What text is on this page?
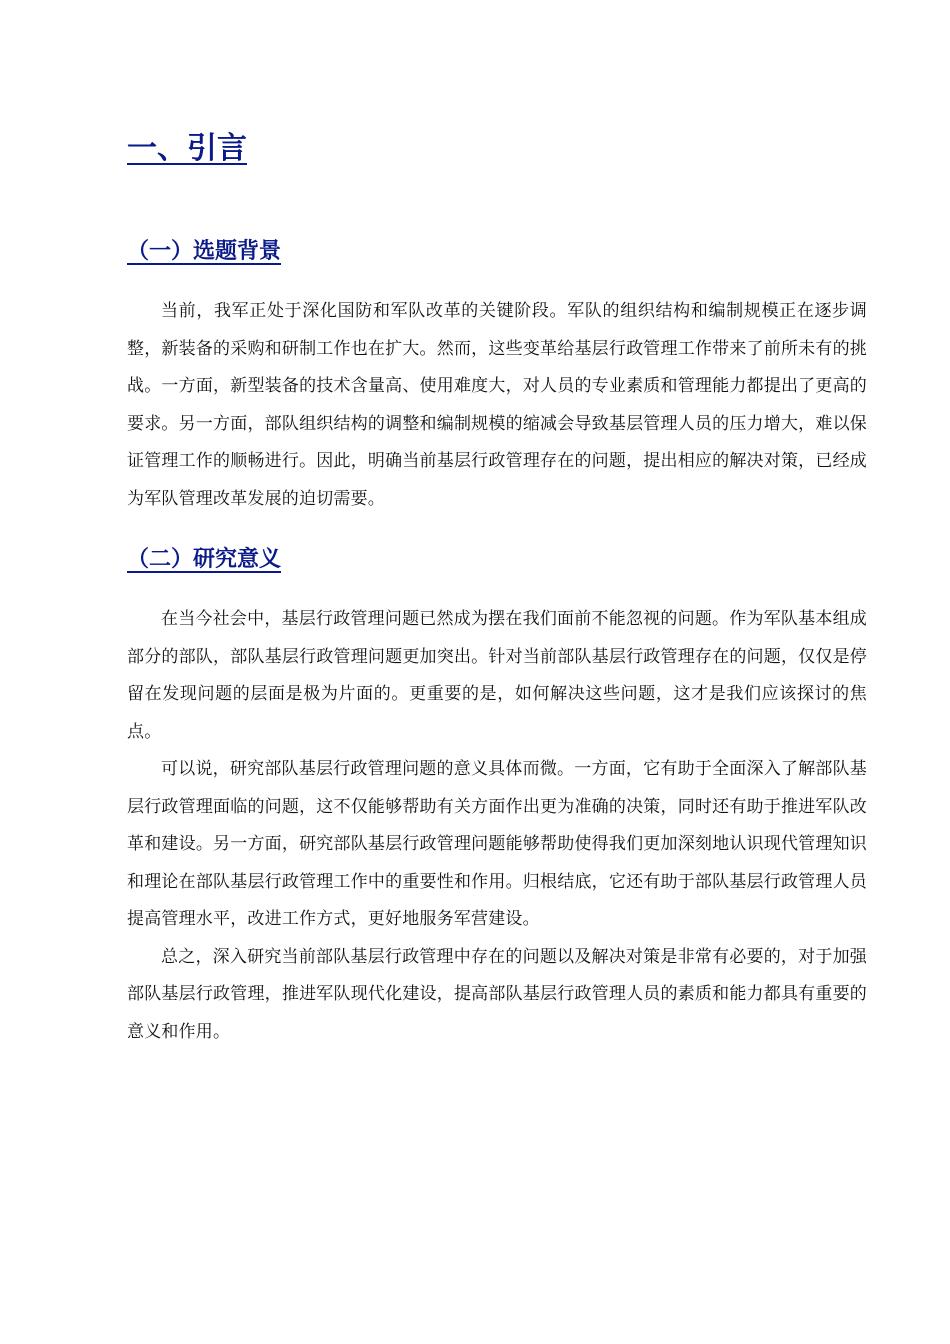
一、引言
（一）选题背景

当前，我军正处于深化国防和军队改革的关键阶段。军队的组织结构和编制规模正在逐步调整，新装备的采购和研制工作也在扩大。然而，这些变革给基层行政管理工作带来了前所未有的挑战。一方面，新型装备的技术含量高、使用难度大，对人员的专业素质和管理能力都提出了更高的要求。另一方面，部队组织结构的调整和编制规模的缩减会导致基层管理人员的压力增大，难以保证管理工作的顺畅进行。因此，明确当前基层行政管理存在的问题，提出相应的解决对策，已经成为军队管理改革发展的迫切需要。

（二）研究意义

在当今社会中，基层行政管理问题已然成为摆在我们面前不能忽视的问题。作为军队基本组成部分的部队，部队基层行政管理问题更加突出。针对当前部队基层行政管理存在的问题，仅仅是停留在发现问题的层面是极为片面的。更重要的是，如何解决这些问题，这才是我们应该探讨的焦点。

可以说，研究部队基层行政管理问题的意义具体而微。一方面，它有助于全面深入了解部队基层行政管理面临的问题，这不仅能够帮助有关方面作出更为准确的决策，同时还有助于推进军队改革和建设。另一方面，研究部队基层行政管理问题能够帮助使得我们更加深刻地认识现代管理知识和理论在部队基层行政管理工作中的重要性和作用。归根结底，它还有助于部队基层行政管理人员提高管理水平，改进工作方式，更好地服务军营建设。

总之，深入研究当前部队基层行政管理中存在的问题以及解决对策是非常有必要的，对于加强部队基层行政管理，推进军队现代化建设，提高部队基层行政管理人员的素质和能力都具有重要的意义和作用。
